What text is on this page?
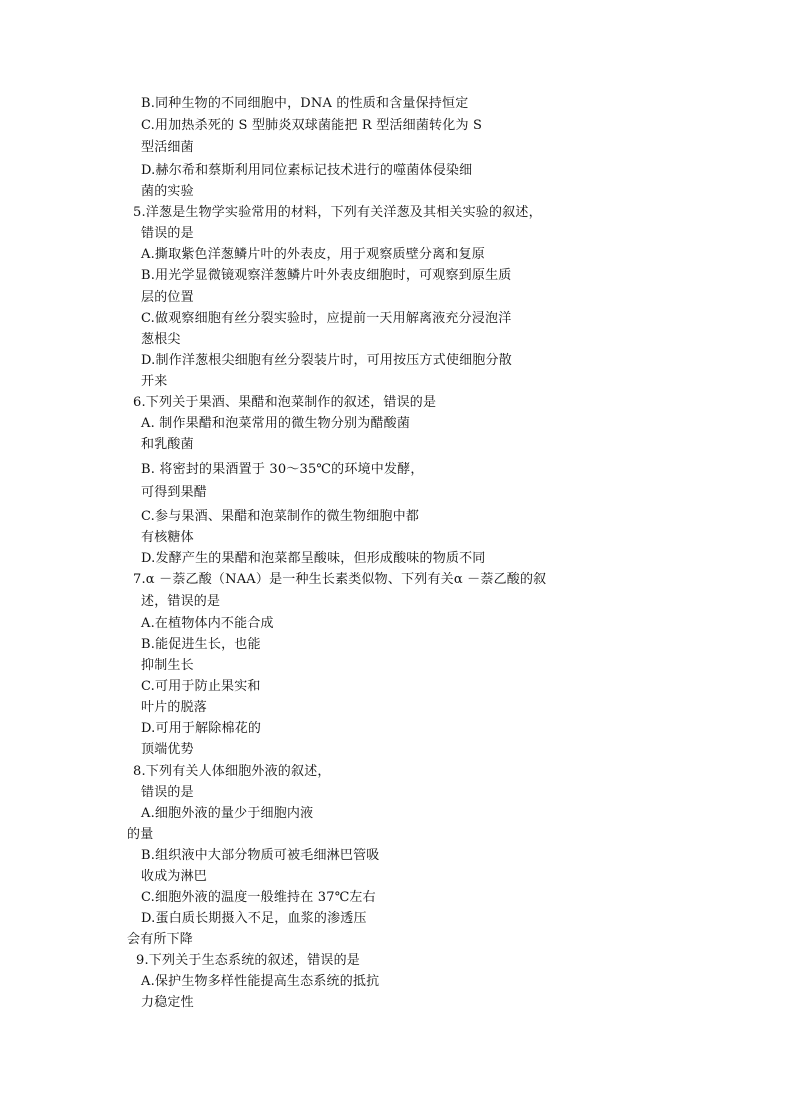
B.同种生物的不同细胞中，DNA 的性质和含量保持恒定
C.用加热杀死的 S 型肺炎双球菌能把 R 型活细菌转化为 S
型活细菌
D.赫尔希和蔡斯利用同位素标记技术进行的噬菌体侵染细
菌的实验
5.洋葱是生物学实验常用的材料，下列有关洋葱及其相关实验的叙述，
错误的是
A.撕取紫色洋葱鳞片叶的外表皮，用于观察质壁分离和复原
B.用光学显微镜观察洋葱鳞片叶外表皮细胞时，可观察到原生质
层的位置
C.做观察细胞有丝分裂实验时，应提前一天用解离液充分浸泡洋
葱根尖
D.制作洋葱根尖细胞有丝分裂装片时，可用按压方式使细胞分散
开来
6.下列关于果酒、果醋和泡菜制作的叙述，错误的是
A. 制作果醋和泡菜常用的微生物分别为醋酸菌
和乳酸菌
B. 将密封的果酒置于 30～35℃的环境中发酵，
可得到果醋
C.参与果酒、果醋和泡菜制作的微生物细胞中都
有核糖体
D.发酵产生的果醋和泡菜都呈酸味，但形成酸味的物质不同
7.α －萘乙酸（NAA）是一种生长素类似物、下列有关α －萘乙酸的叙
述，错误的是
A.在植物体内不能合成
B.能促进生长，也能
抑制生长
C.可用于防止果实和
叶片的脱落
D.可用于解除棉花的
顶端优势
8.下列有关人体细胞外液的叙述，
错误的是
A.细胞外液的量少于细胞内液
的量
B.组织液中大部分物质可被毛细淋巴管吸
收成为淋巴
C.细胞外液的温度一般维持在 37℃左右
D.蛋白质长期摄入不足，血浆的渗透压
会有所下降
9.下列关于生态系统的叙述，错误的是
A.保护生物多样性能提高生态系统的抵抗
力稳定性
